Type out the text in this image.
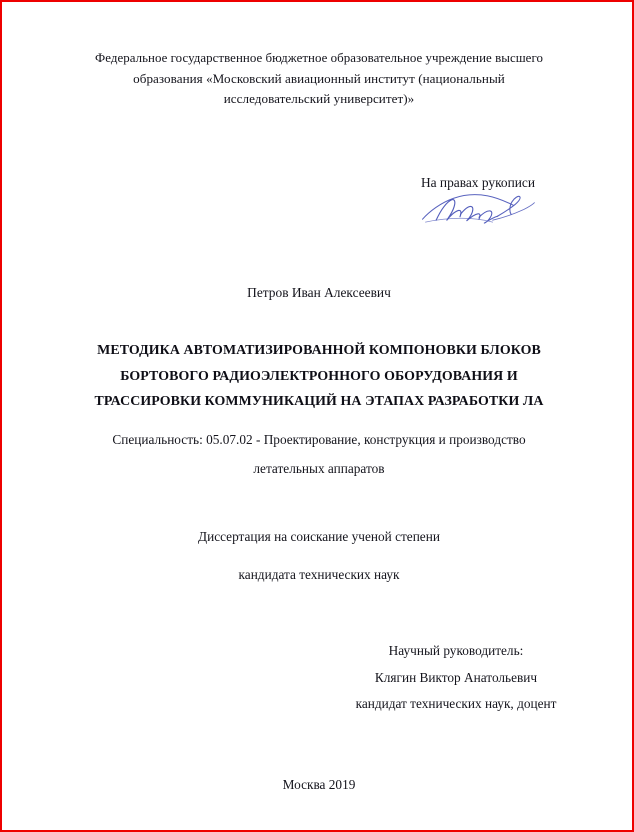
Федеральное государственное бюджетное образовательное учреждение высшего
образования «Московский авиационный институт (национальный
исследовательский университет)»
На правах рукописи
Петров Иван Алексеевич
МЕТОДИКА АВТОМАТИЗИРОВАННОЙ КОМПОНОВКИ БЛОКОВ
БОРТОВОГО РАДИОЭЛЕКТРОННОГО ОБОРУДОВАНИЯ И
ТРАССИРОВКИ КОММУНИКАЦИЙ НА ЭТАПАХ РАЗРАБОТКИ ЛА
Специальность: 05.07.02 - Проектирование, конструкция и производство
летательных аппаратов
Диссертация на соискание ученой степени
кандидата технических наук
Научный руководитель:
Клягин Виктор Анатольевич
кандидат технических наук, доцент
Москва 2019
